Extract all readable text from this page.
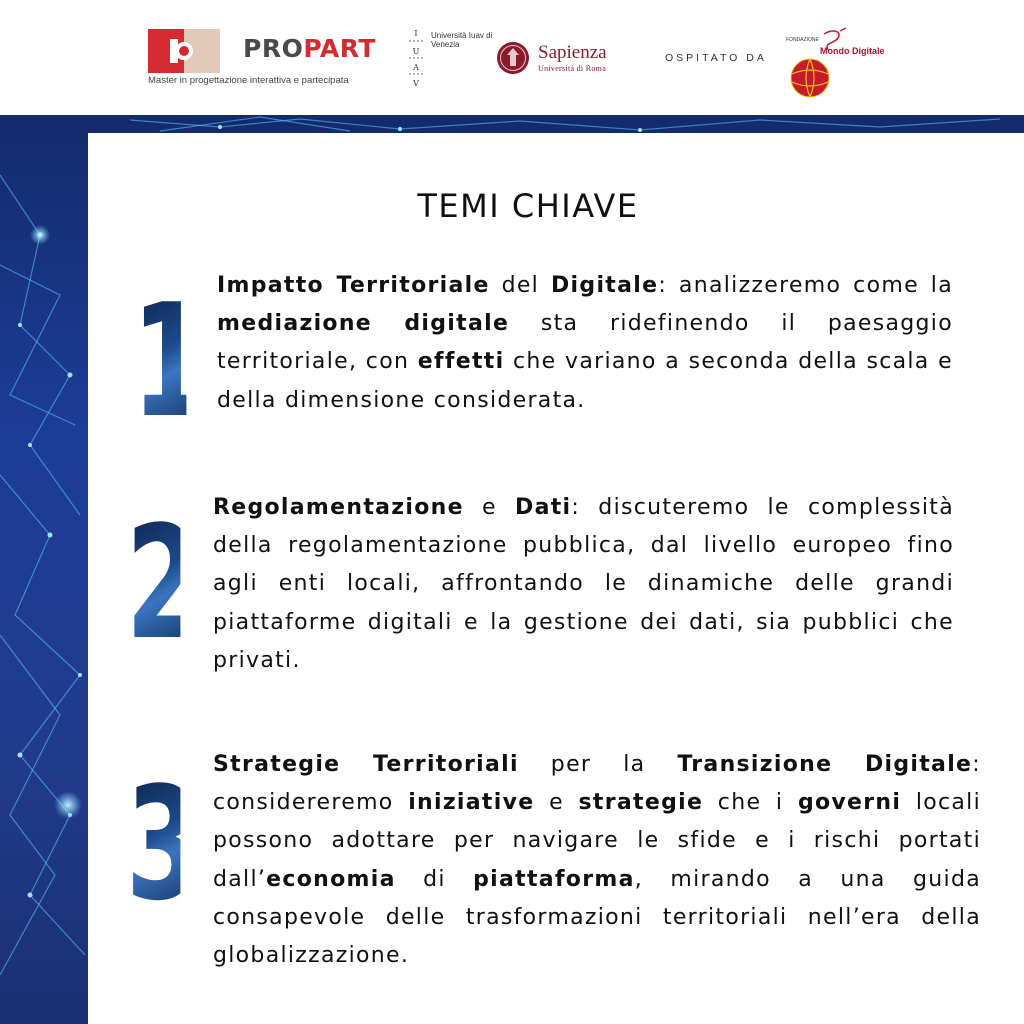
PROPART
Master in progettazione interattiva e partecipata
I
U
A
V
Università Iuav di Venezia	Sapienza
Università di Roma
OSPITATO DA
FONDAZIONE
Mondo Digitale
TEMI CHIAVE
1 Impatto Territoriale del Digitale: analizzeremo come la mediazione digitale sta ridefinendo il paesaggio territoriale, con effetti che variano a seconda della scala e della dimensione considerata.
2 Regolamentazione e Dati: discuteremo le complessità della regolamentazione pubblica, dal livello europeo fino agli enti locali, affrontando le dinamiche delle grandi piattaforme digitali e la gestione dei dati, sia pubblici che privati.
3 Strategie Territoriali per la Transizione Digitale: considereremo iniziative e strategie che i governi locali possono adottare per navigare le sfide e i rischi portati dall’economia di piattaforma, mirando a una guida consapevole delle trasformazioni territoriali nell’era della globalizzazione.
